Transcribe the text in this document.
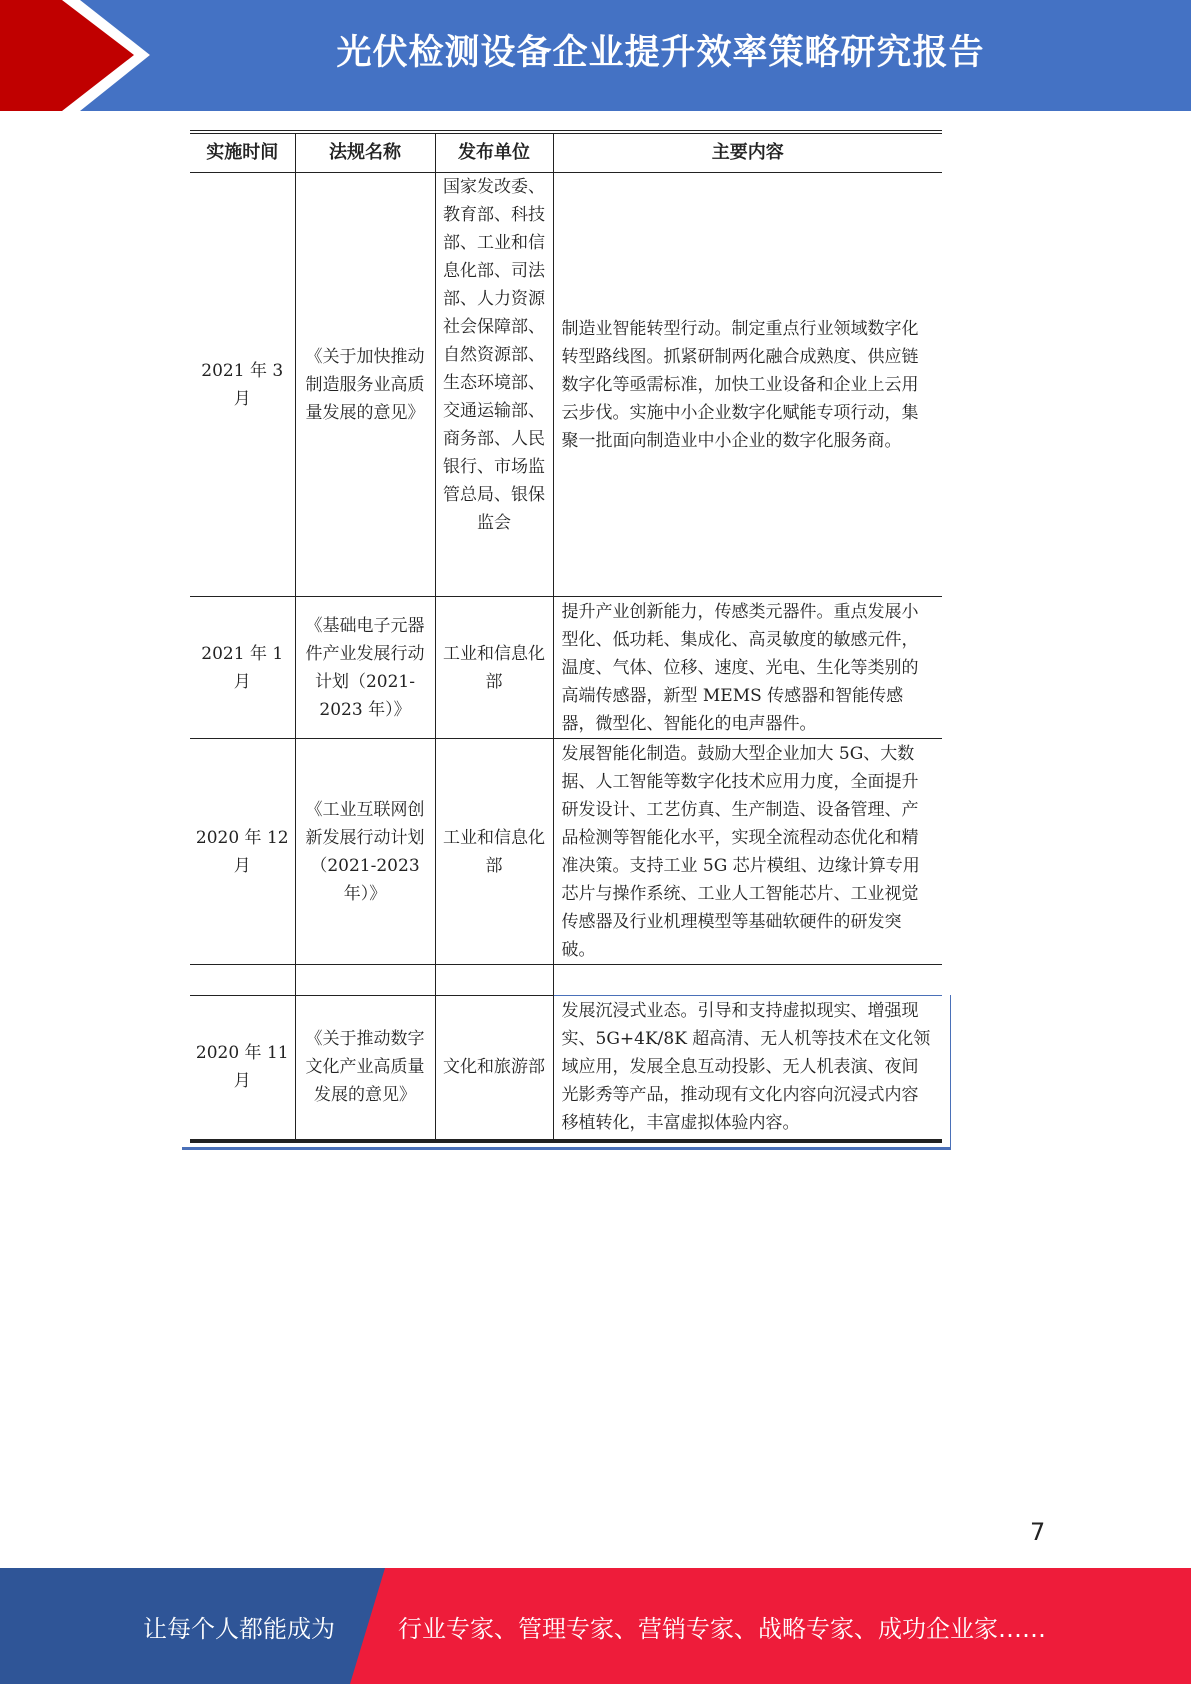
光伏检测设备企业提升效率策略研究报告
实施时间	法规名称	发布单位	主要内容
2021 年 3 月	《关于加快推动制造服务业高质量发展的意见》	国家发改委、教育部、科技部、工业和信息化部、司法部、人力资源社会保障部、自然资源部、生态环境部、交通运输部、商务部、人民银行、市场监管总局、银保监会	制造业智能转型行动。制定重点行业领域数字化转型路线图。抓紧研制两化融合成熟度、供应链数字化等亟需标准，加快工业设备和企业上云用云步伐。实施中小企业数字化赋能专项行动，集聚一批面向制造业中小企业的数字化服务商。
2021 年 1 月	《基础电子元器件产业发展行动计划（2021-2023 年）》	工业和信息化部	提升产业创新能力，传感类元器件。重点发展小型化、低功耗、集成化、高灵敏度的敏感元件，温度、气体、位移、速度、光电、生化等类别的高端传感器，新型 MEMS 传感器和智能传感器，微型化、智能化的电声器件。
2020 年 12 月	《工业互联网创新发展行动计划（2021-2023 年）》	工业和信息化部	发展智能化制造。鼓励大型企业加大 5G、大数据、人工智能等数字化技术应用力度，全面提升研发设计、工艺仿真、生产制造、设备管理、产品检测等智能化水平，实现全流程动态优化和精准决策。支持工业 5G 芯片模组、边缘计算专用芯片与操作系统、工业人工智能芯片、工业视觉传感器及行业机理模型等基础软硬件的研发突破。

2020 年 11 月	《关于推动数字文化产业高质量发展的意见》	文化和旅游部	发展沉浸式业态。引导和支持虚拟现实、增强现实、5G+4K/8K 超高清、无人机等技术在文化领域应用，发展全息互动投影、无人机表演、夜间光影秀等产品，推动现有文化内容向沉浸式内容移植转化，丰富虚拟体验内容。
7
让每个人都能成为	行业专家、管理专家、营销专家、战略专家、成功企业家……
